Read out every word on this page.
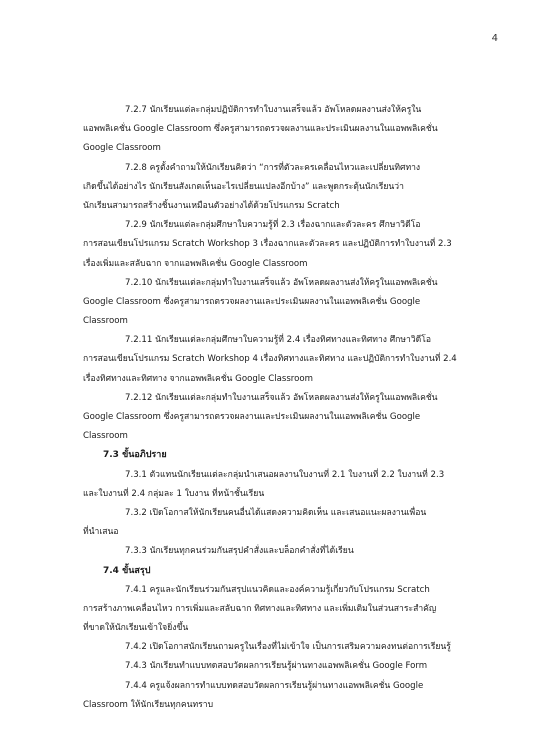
4
7.2.7 นักเรียนแต่ละกลุ่มปฏิบัติการทำใบงานเสร็จแล้ว อัพโหลดผลงานส่งให้ครูใน
แอพพลิเคชั่น Google Classroom ซึ่งครูสามารถตรวจผลงานและประเมินผลงานในแอพพลิเคชั่น
Google Classroom
7.2.8 ครูตั้งคำถามให้นักเรียนคิดว่า “การที่ตัวละครเคลื่อนไหวและเปลี่ยนทิศทาง
เกิดขึ้นได้อย่างไร นักเรียนสังเกตเห็นอะไรเปลี่ยนแปลงอีกบ้าง” และพูดกระตุ้นนักเรียนว่า
นักเรียนสามารถสร้างชิ้นงานเหมือนตัวอย่างได้ด้วยโปรแกรม Scratch
7.2.9 นักเรียนแต่ละกลุ่มศึกษาใบความรู้ที่ 2.3 เรื่องฉากและตัวละคร ศึกษาวิดีโอ
การสอนเขียนโปรแกรม Scratch Workshop 3 เรื่องฉากและตัวละคร และปฏิบัติการทำใบงานที่ 2.3
เรื่องเพิ่มและสลับฉาก จากแอพพลิเคชั่น Google Classroom
7.2.10 นักเรียนแต่ละกลุ่มทำใบงานเสร็จแล้ว อัพโหลดผลงานส่งให้ครูในแอพพลิเคชั่น
Google Classroom ซึ่งครูสามารถตรวจผลงานและประเมินผลงานในแอพพลิเคชั่น Google
Classroom
7.2.11 นักเรียนแต่ละกลุ่มศึกษาใบความรู้ที่ 2.4 เรื่องทิศทางและทิศทาง ศึกษาวิดีโอ
การสอนเขียนโปรแกรม Scratch Workshop 4 เรื่องทิศทางและทิศทาง และปฏิบัติการทำใบงานที่ 2.4
เรื่องทิศทางและทิศทาง จากแอพพลิเคชั่น Google Classroom
7.2.12 นักเรียนแต่ละกลุ่มทำใบงานเสร็จแล้ว อัพโหลดผลงานส่งให้ครูในแอพพลิเคชั่น
Google Classroom ซึ่งครูสามารถตรวจผลงานและประเมินผลงานในแอพพลิเคชั่น Google
Classroom
7.3 ขั้นอภิปราย
7.3.1 ตัวแทนนักเรียนแต่ละกลุ่มนำเสนอผลงานใบงานที่ 2.1 ใบงานที่ 2.2 ใบงานที่ 2.3
และใบงานที่ 2.4 กลุ่มละ 1 ใบงาน ที่หน้าชั้นเรียน
7.3.2 เปิดโอกาสให้นักเรียนคนอื่นได้แสดงความคิดเห็น และเสนอแนะผลงานเพื่อน
ที่นำเสนอ
7.3.3 นักเรียนทุกคนร่วมกันสรุปคำสั่งและบล็อกคำสั่งที่ได้เรียน
7.4 ขั้นสรุป
7.4.1 ครูและนักเรียนร่วมกันสรุปแนวคิดและองค์ความรู้เกี่ยวกับโปรแกรม Scratch
การสร้างภาพเคลื่อนไหว การเพิ่มและสลับฉาก ทิศทางและทิศทาง และเพิ่มเติมในส่วนสาระสำคัญ
ที่ขาดให้นักเรียนเข้าใจยิ่งขึ้น
7.4.2 เปิดโอกาสนักเรียนถามครูในเรื่องที่ไม่เข้าใจ เป็นการเสริมความคงทนต่อการเรียนรู้
7.4.3 นักเรียนทำแบบทดสอบวัดผลการเรียนรู้ผ่านทางแอพพลิเคชั่น Google Form
7.4.4 ครูแจ้งผลการทำแบบทดสอบวัดผลการเรียนรู้ผ่านทางแอพพลิเคชั่น Google
Classroom ให้นักเรียนทุกคนทราบ
